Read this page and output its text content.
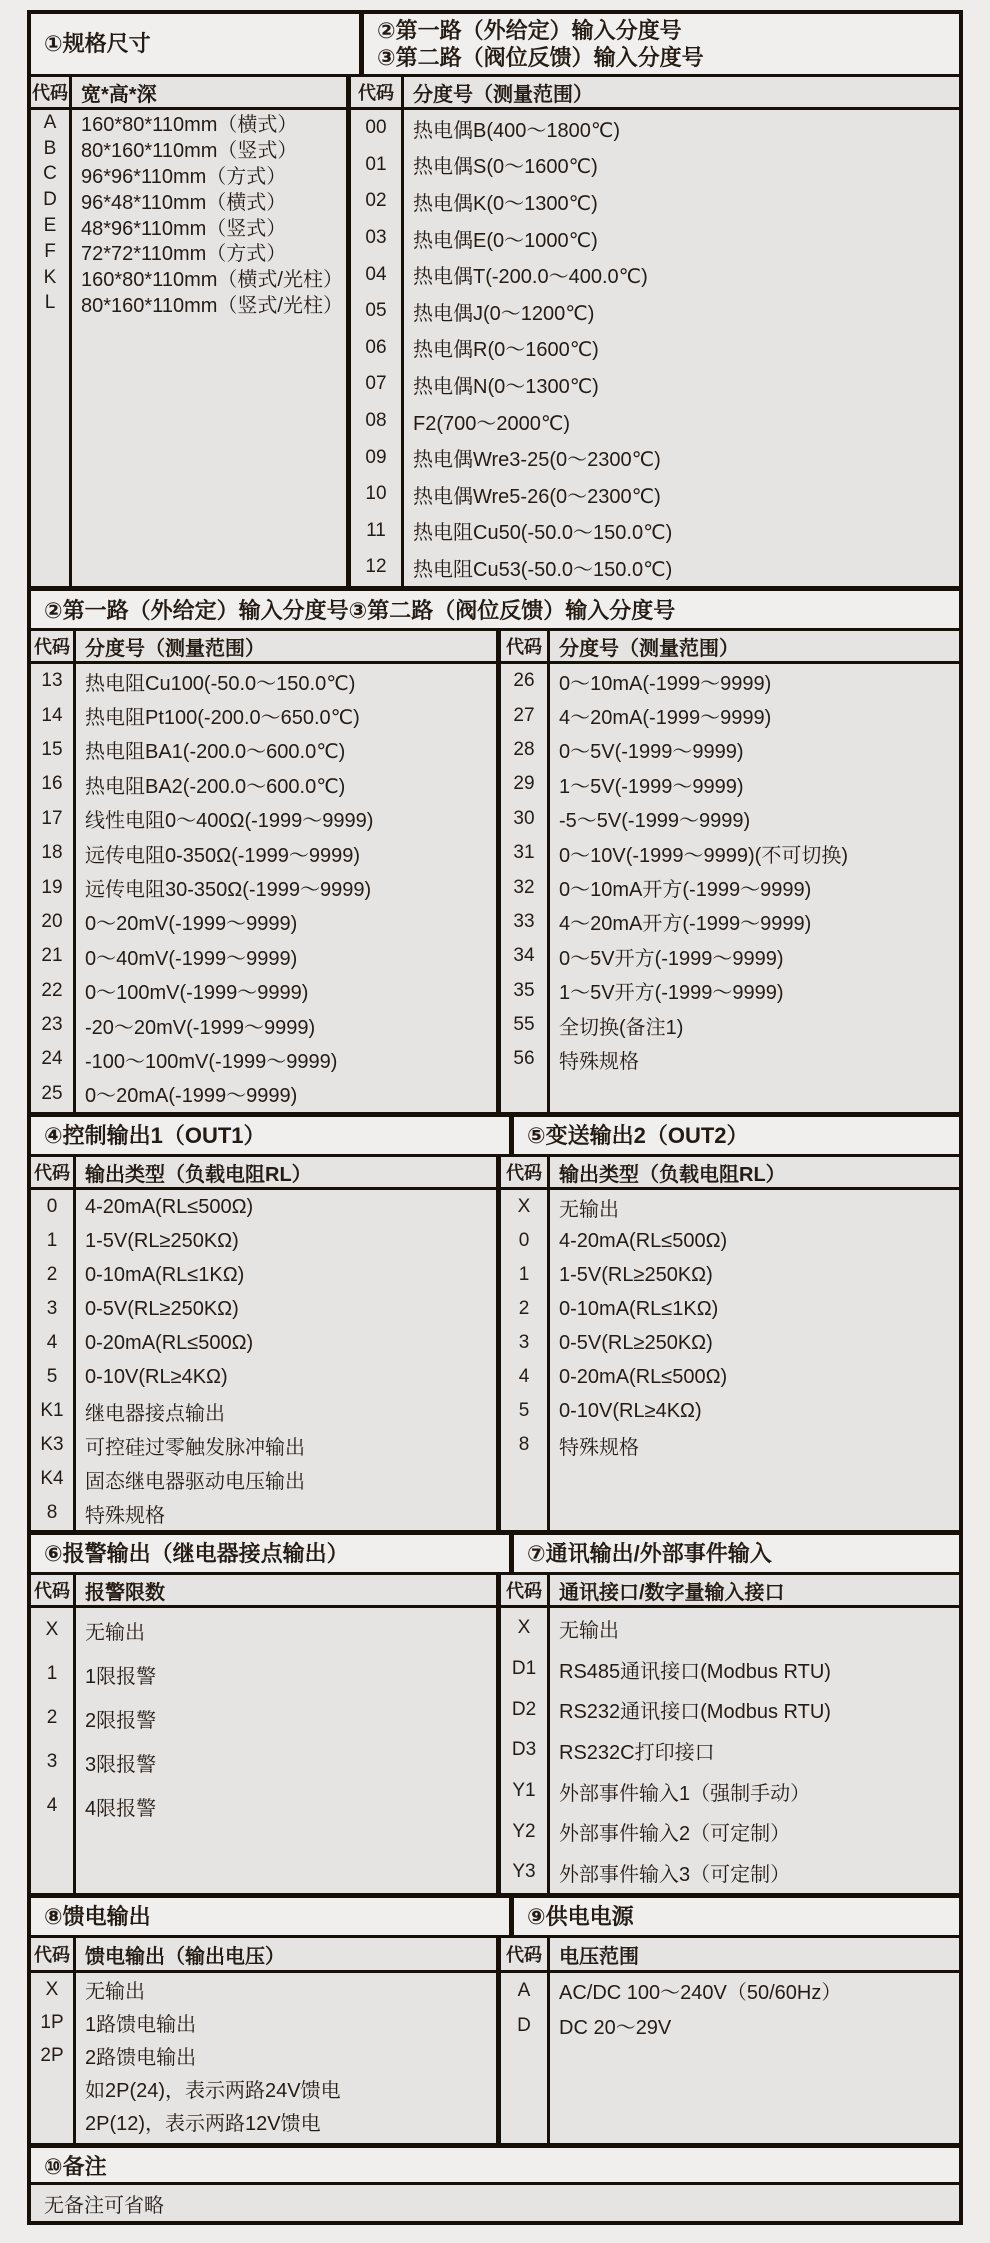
①规格尺寸
②第一路（外给定）输入分度号
③第二路（阀位反馈）输入分度号
代码 宽*高*深	代码 分度号（测量范围）
A	160*80*110mm（横式）
B	80*160*110mm（竖式）
C	96*96*110mm（方式）
D	96*48*110mm（横式）
E	48*96*110mm（竖式）
F	72*72*110mm（方式）
K	160*80*110mm（横式/光柱）
L	80*160*110mm（竖式/光柱）
00	热电偶B(400～1800℃)
01	热电偶S(0～1600℃)
02	热电偶K(0～1300℃)
03	热电偶E(0～1000℃)
04	热电偶T(-200.0～400.0℃)
05	热电偶J(0～1200℃)
06	热电偶R(0～1600℃)
07	热电偶N(0～1300℃)
08	F2(700～2000℃)
09	热电偶Wre3-25(0～2300℃)
10	热电偶Wre5-26(0～2300℃)
11	热电阻Cu50(-50.0～150.0℃)
12	热电阻Cu53(-50.0～150.0℃)
②第一路（外给定）输入分度号③第二路（阀位反馈）输入分度号
代码 分度号（测量范围）	代码 分度号（测量范围）
13	热电阻Cu100(-50.0～150.0℃)
14	热电阻Pt100(-200.0～650.0℃)
15	热电阻BA1(-200.0～600.0℃)
16	热电阻BA2(-200.0～600.0℃)
17	线性电阻0～400Ω(-1999～9999)
18	远传电阻0-350Ω(-1999～9999)
19	远传电阻30-350Ω(-1999～9999)
20	0～20mV(-1999～9999)
21	0～40mV(-1999～9999)
22	0～100mV(-1999～9999)
23	-20～20mV(-1999～9999)
24	-100～100mV(-1999～9999)
25	0～20mA(-1999～9999)
26	0～10mA(-1999～9999)
27	4～20mA(-1999～9999)
28	0～5V(-1999～9999)
29	1～5V(-1999～9999)
30	-5～5V(-1999～9999)
31	0～10V(-1999～9999)(不可切换)
32	0～10mA开方(-1999～9999)
33	4～20mA开方(-1999～9999)
34	0～5V开方(-1999～9999)
35	1～5V开方(-1999～9999)
55	全切换(备注1)
56	特殊规格
④控制输出1（OUT1）	⑤变送输出2（OUT2）
代码 输出类型（负载电阻RL）	代码 输出类型（负载电阻RL）
0	4-20mA(RL≤500Ω)
1	1-5V(RL≥250KΩ)
2	0-10mA(RL≤1KΩ)
3	0-5V(RL≥250KΩ)
4	0-20mA(RL≤500Ω)
5	0-10V(RL≥4KΩ)
K1	继电器接点输出
K3	可控硅过零触发脉冲输出
K4	固态继电器驱动电压输出
8	特殊规格
X	无输出
0	4-20mA(RL≤500Ω)
1	1-5V(RL≥250KΩ)
2	0-10mA(RL≤1KΩ)
3	0-5V(RL≥250KΩ)
4	0-20mA(RL≤500Ω)
5	0-10V(RL≥4KΩ)
8	特殊规格
⑥报警输出（继电器接点输出）	⑦通讯输出/外部事件输入
代码 报警限数	代码 通讯接口/数字量输入接口
X	无输出
1	1限报警
2	2限报警
3	3限报警
4	4限报警
X	无输出
D1	RS485通讯接口(Modbus RTU)
D2	RS232通讯接口(Modbus RTU)
D3	RS232C打印接口
Y1	外部事件输入1（强制手动）
Y2	外部事件输入2（可定制）
Y3	外部事件输入3（可定制）
⑧馈电输出	⑨供电电源
代码 馈电输出（输出电压）	代码 电压范围
X	无输出
1P	1路馈电输出
2P	2路馈电输出
如2P(24)，表示两路24V馈电
2P(12)，表示两路12V馈电
A	AC/DC 100～240V（50/60Hz）
D	DC 20～29V
⑩备注
无备注可省略
